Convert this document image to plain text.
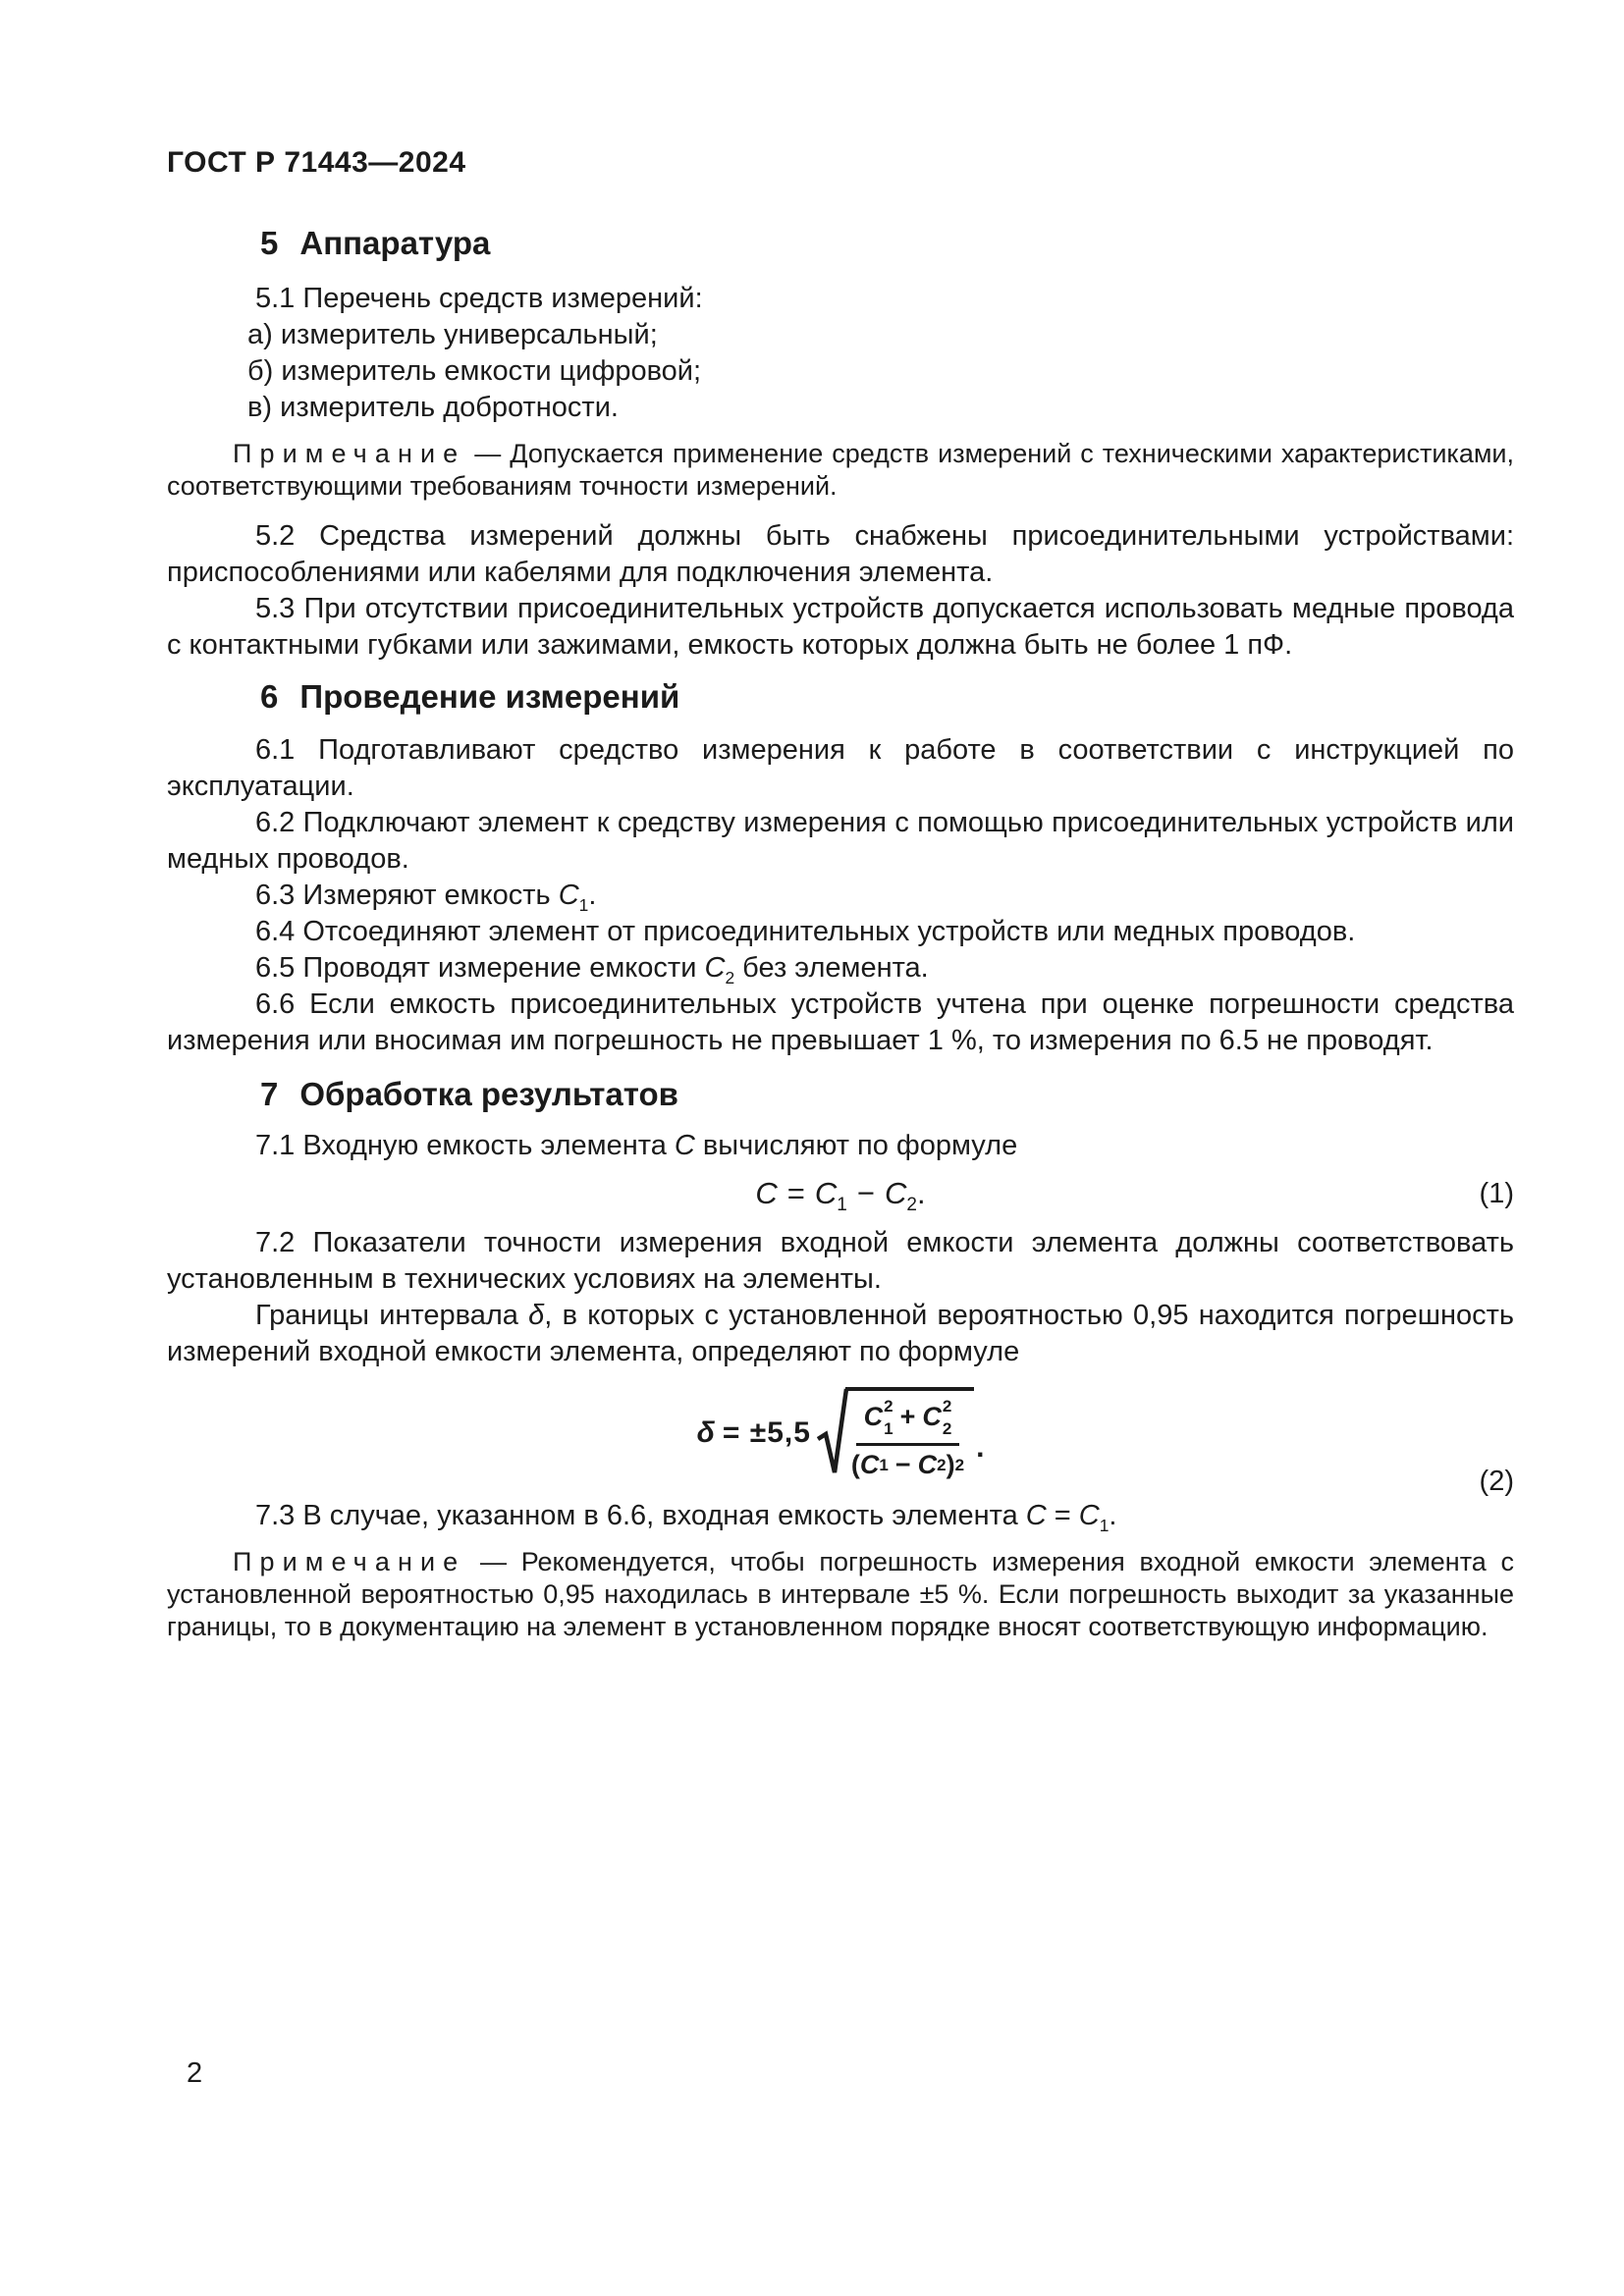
ГОСТ Р 71443—2024
5 Аппаратура

5.1 Перечень средств измерений:

а) измеритель универсальный;

б) измеритель емкости цифровой;

в) измеритель добротности.

Примечание — Допускается применение средств измерений с техническими характеристиками, соответствующими требованиям точности измерений.

5.2 Средства измерений должны быть снабжены присоединительными устройствами: приспособлениями или кабелями для подключения элемента.

5.3 При отсутствии присоединительных устройств допускается использовать медные провода с контактными губками или зажимами, емкость которых должна быть не более 1 пФ.

6 Проведение измерений

6.1 Подготавливают средство измерения к работе в соответствии с инструкцией по эксплуатации.

6.2 Подключают элемент к средству измерения с помощью присоединительных устройств или медных проводов.

6.3 Измеряют емкость $C_1$.

6.4 Отсоединяют элемент от присоединительных устройств или медных проводов.

6.5 Проводят измерение емкости $C_2$ без элемента.

6.6 Если емкость присоединительных устройств учтена при оценке погрешности средства измерения или вносимая им погрешность не превышает 1 %, то измерения по 6.5 не проводят.

7 Обработка результатов

7.1 Входную емкость элемента C вычисляют по формуле

$C = C_1 - C_2$.	(1)

7.2 Показатели точности измерения входной емкости элемента должны соответствовать установленным в технических условиях на элементы.

Границы интервала δ, в которых с установленной вероятностью 0,95 находится погрешность измерений входной емкости элемента, определяют по формуле

δ = ±5,5 C 2
1 + C 2
2
( C 1 − C 2 ) 2 .
(2)

7.3 В случае, указанном в 6.6, входная емкость элемента $C = C_1$.

Примечание — Рекомендуется, чтобы погрешность измерения входной емкости элемента с установленной вероятностью 0,95 находилась в интервале ±5 %. Если погрешность выходит за указанные границы, то в документацию на элемент в установленном порядке вносят соответствующую информацию.

2
